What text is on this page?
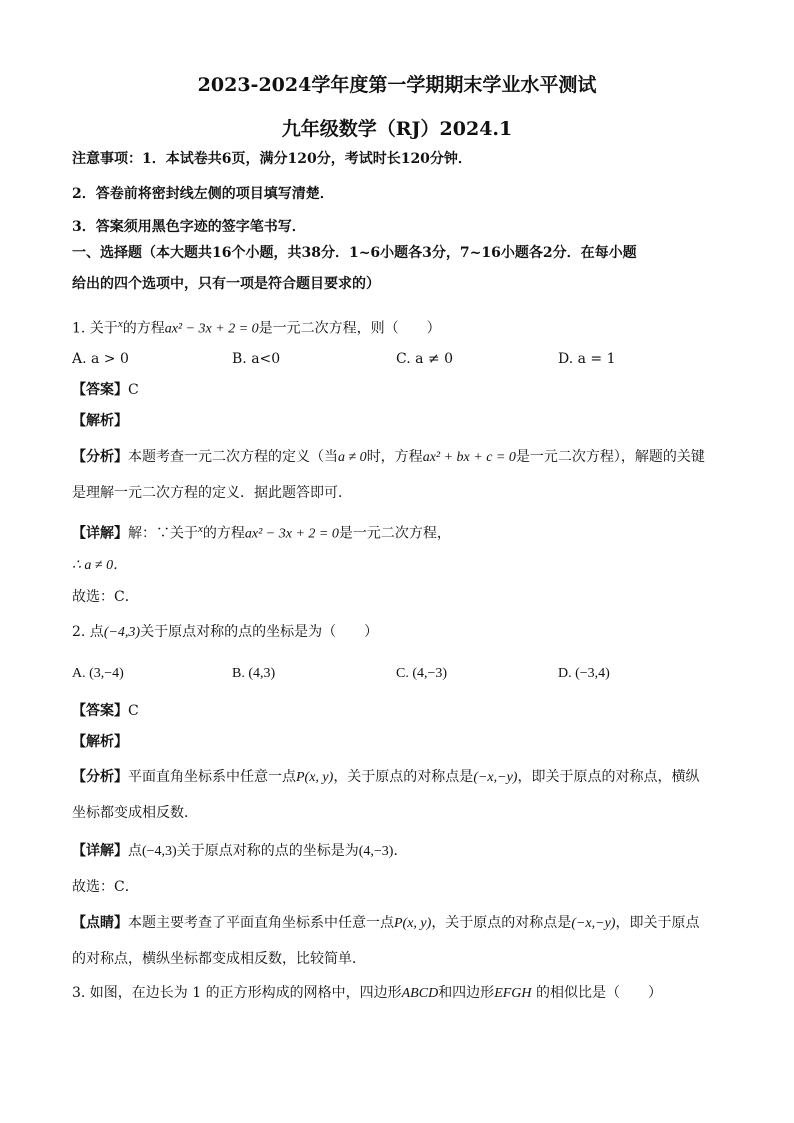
2023-2024学年度第一学期期末学业水平测试
九年级数学（RJ）2024.1
注意事项：1．本试卷共6页，满分120分，考试时长120分钟．
2．答卷前将密封线左侧的项目填写清楚．
3．答案须用黑色字迹的签字笔书写．
一、选择题（本大题共16个小题，共38分．1~6小题各3分，7~16小题各2分．在每小题
给出的四个选项中，只有一项是符合题目要求的）
1. 关于$^x$的方程ax² − 3x + 2 = 0是一元二次方程，则（　　）
A. a > 0	B. a<0	C. a ≠ 0	D. a = 1
【答案】C
【解析】
【分析】本题考查一元二次方程的定义（当a ≠ 0时，方程ax² + bx + c = 0是一元二次方程），解题的关键
是理解一元二次方程的定义．据此题答即可．
【详解】解：∵关于$^x$的方程ax² − 3x + 2 = 0是一元二次方程，
∴ a ≠ 0．
故选：C．
2. 点(−4,3)关于原点对称的点的坐标是为（　　）
A. (3,−4)	B. (4,3)	C. (4,−3)	D. (−3,4)
【答案】C
【解析】
【分析】平面直角坐标系中任意一点P(x, y)，关于原点的对称点是(−x,−y)，即关于原点的对称点，横纵
坐标都变成相反数．
【详解】点(−4,3)关于原点对称的点的坐标是为(4,−3)．
故选：C．
【点睛】本题主要考查了平面直角坐标系中任意一点P(x, y)，关于原点的对称点是(−x,−y)，即关于原点
的对称点，横纵坐标都变成相反数，比较简单．
3. 如图，在边长为 1 的正方形构成的网格中，四边形ABCD和四边形EFGH 的相似比是（　　）
